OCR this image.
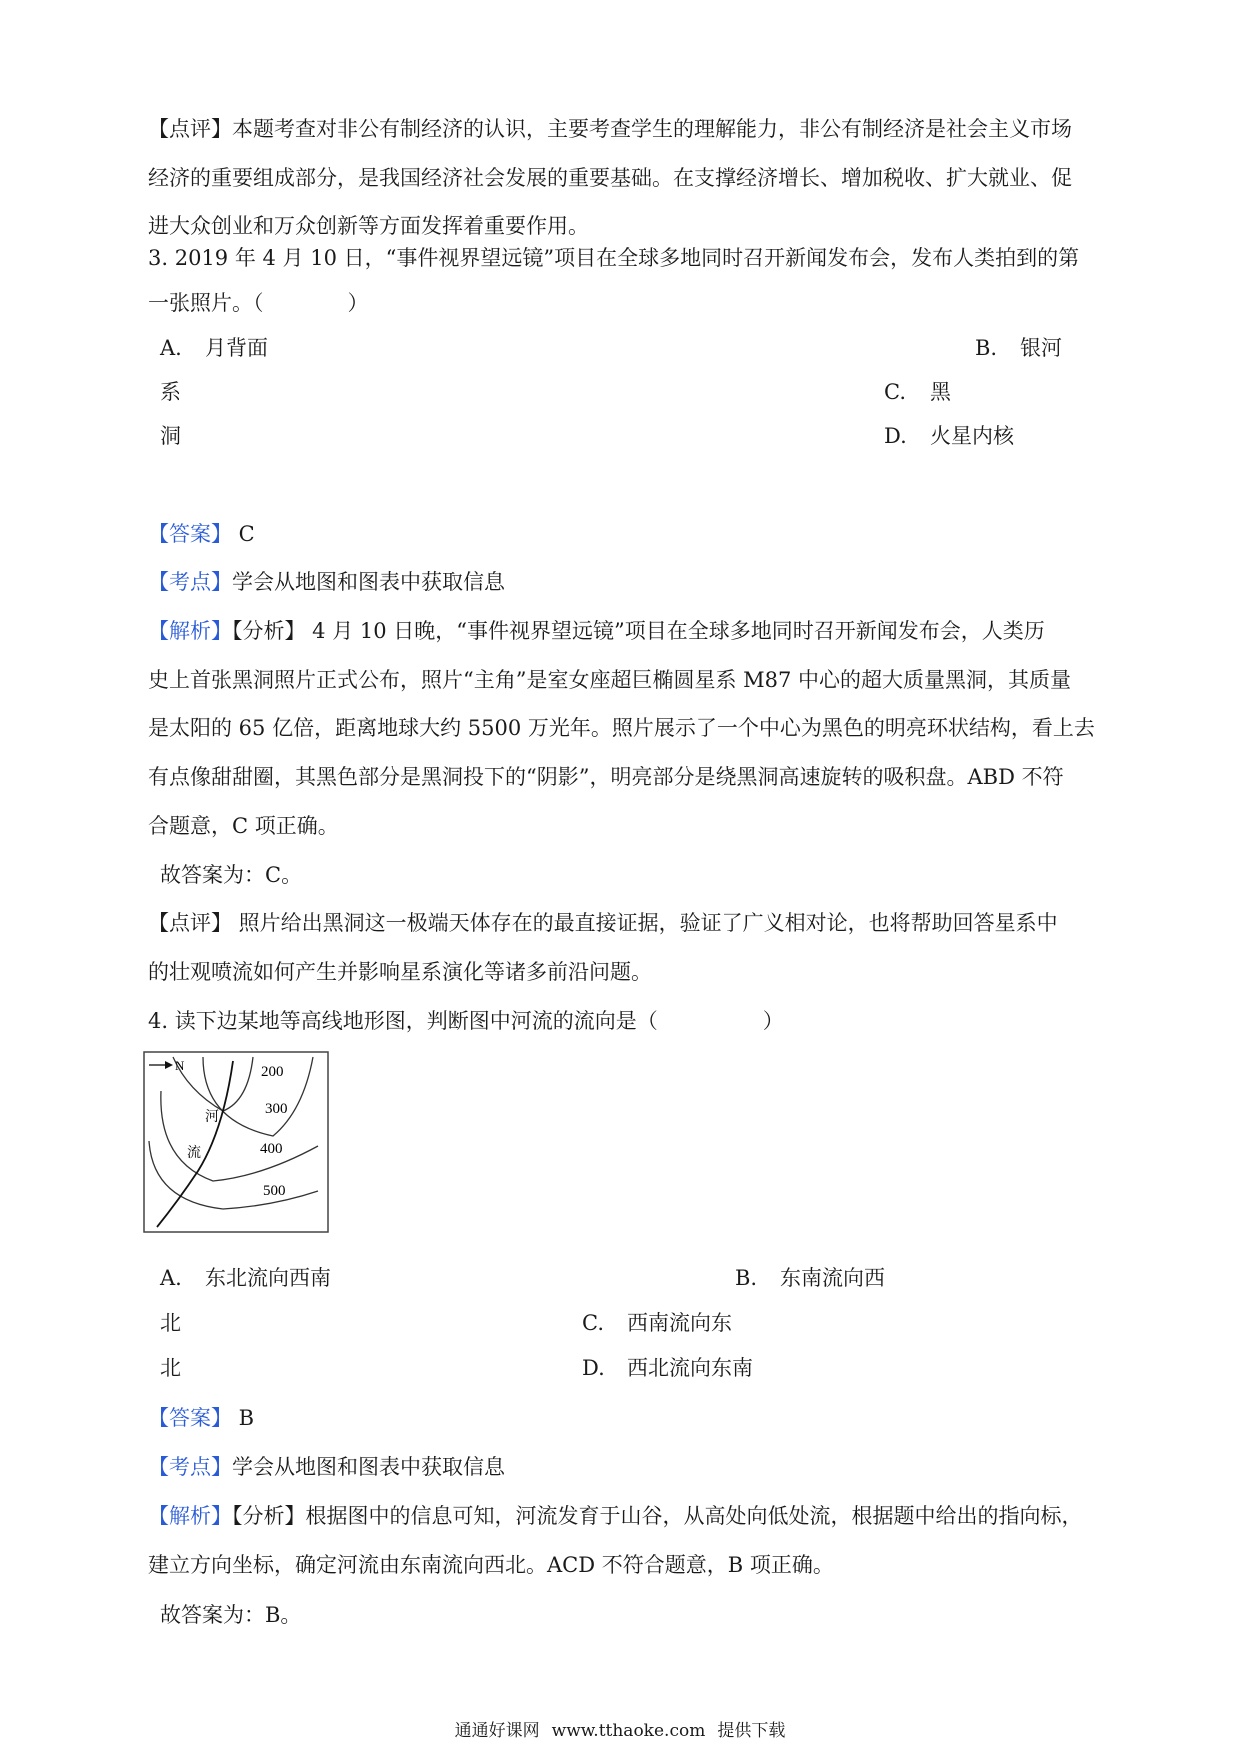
【点评】本题考查对非公有制经济的认识，主要考查学生的理解能力，非公有制经济是社会主义市场
经济的重要组成部分，是我国经济社会发展的重要基础。在支撑经济增长、增加税收、扩大就业、促
进大众创业和万众创新等方面发挥着重要作用。
3. 2019 年 4 月 10 日，“事件视界望远镜”项目在全球多地同时召开新闻发布会，发布人类拍到的第
一张照片。（　　　　）
A. 月背面	B. 银河
系	C. 黑
洞	D. 火星内核
【答案】 C
【考点】学会从地图和图表中获取信息
【解析】【分析】 4 月 10 日晚，“事件视界望远镜”项目在全球多地同时召开新闻发布会，人类历
史上首张黑洞照片正式公布，照片“主角”是室女座超巨椭圆星系 M87 中心的超大质量黑洞，其质量
是太阳的 65 亿倍，距离地球大约 5500 万光年。照片展示了一个中心为黑色的明亮环状结构，看上去
有点像甜甜圈，其黑色部分是黑洞投下的“阴影”，明亮部分是绕黑洞高速旋转的吸积盘。ABD 不符
合题意，C 项正确。
故答案为：C。
【点评】 照片给出黑洞这一极端天体存在的最直接证据，验证了广义相对论，也将帮助回答星系中
的壮观喷流如何产生并影响星系演化等诸多前沿问题。
4. 读下边某地等高线地形图，判断图中河流的流向是（　　　　　）
N	200
300
400
500
河
流
A. 东北流向西南	B. 东南流向西
北	C. 西南流向东
北	D. 西北流向东南
【答案】 B
【考点】学会从地图和图表中获取信息
【解析】【分析】根据图中的信息可知，河流发育于山谷，从高处向低处流，根据题中给出的指向标，
建立方向坐标，确定河流由东南流向西北。ACD 不符合题意，B 项正确。
故答案为：B。
通通好课网 www.tthaoke.com 提供下载
